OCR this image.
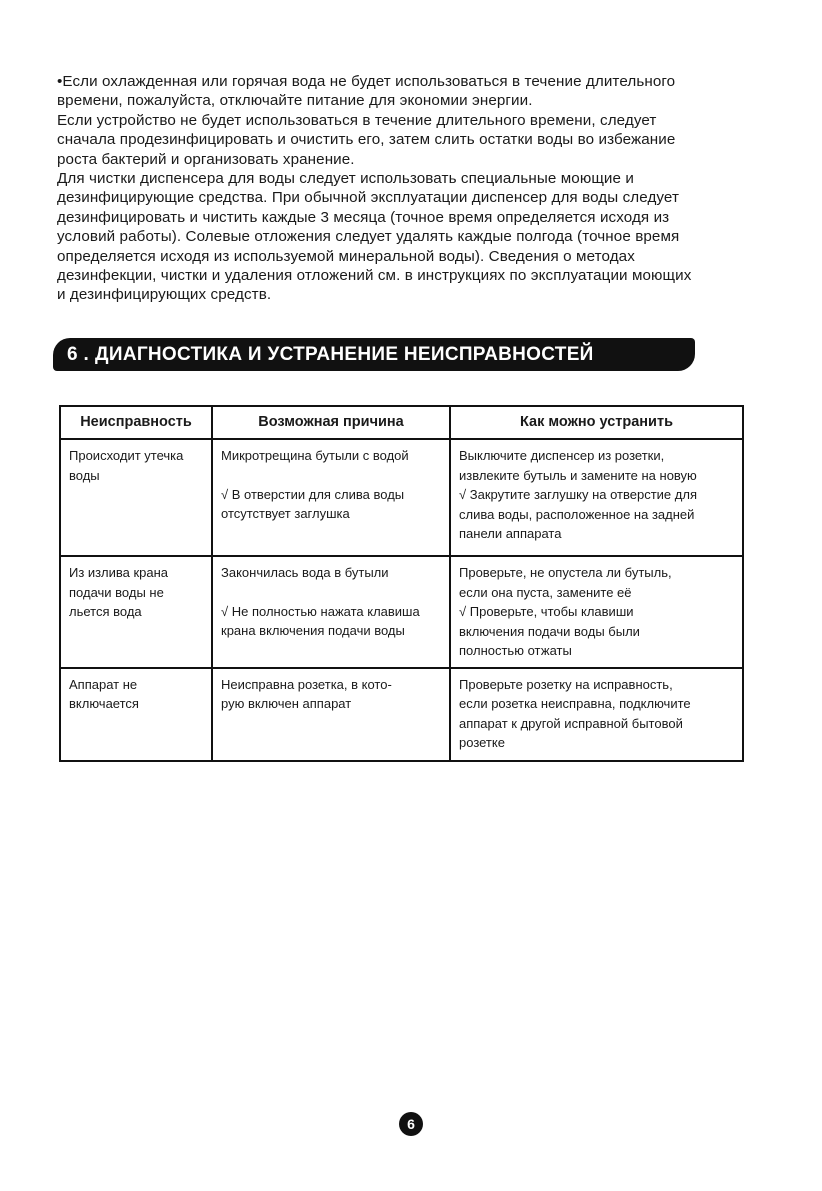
•Если охлажденная или горячая вода не будет использоваться в течение длительного

времени, пожалуйста, отключайте питание для экономии энергии.

Если устройство не будет использоваться в течение длительного времени, следует

сначала продезинфицировать и очистить его, затем слить остатки воды во избежание

роста бактерий и организовать хранение.

Для чистки диспенсера для воды следует использовать специальные моющие и

дезинфицирующие средства. При обычной эксплуатации диспенсер для воды следует

дезинфицировать и чистить каждые 3 месяца (точное время определяется исходя из

условий работы). Солевые отложения следует удалять каждые полгода (точное время

определяется исходя из используемой минеральной воды). Сведения о методах

дезинфекции, чистки и удаления отложений см. в инструкциях по эксплуатации моющих

и дезинфицирующих средств.

6 . ДИАГНОСТИКА И УСТРАНЕНИЕ НЕИСПРАВНОСТЕЙ
Неисправность	Возможная причина	Как можно устранить

Происходит утечка
воды	Микротрещина бутыли с водой
√ В отверстии для слива воды
отсутствует заглушка	Выключите диспенсер из розетки,
извлеките бутыль и замените на новую
√ Закрутите заглушку на отверстие для
слива воды, расположенное на задней
панели аппарата

Из излива крана
подачи воды не
льется вода	Закончилась вода в бутыли
√ Не полностью нажата клавиша
крана включения подачи воды	Проверьте, не опустела ли бутыль,
если она пуста, замените её
√ Проверьте, чтобы клавиши
включения подачи воды были
полностью отжаты

Аппарат не
включается	Неисправна розетка, в кото-
рую включен аппарат	Проверьте розетку на исправность,
если розетка неисправна, подключите
аппарат к другой исправной бытовой
розетке
6
